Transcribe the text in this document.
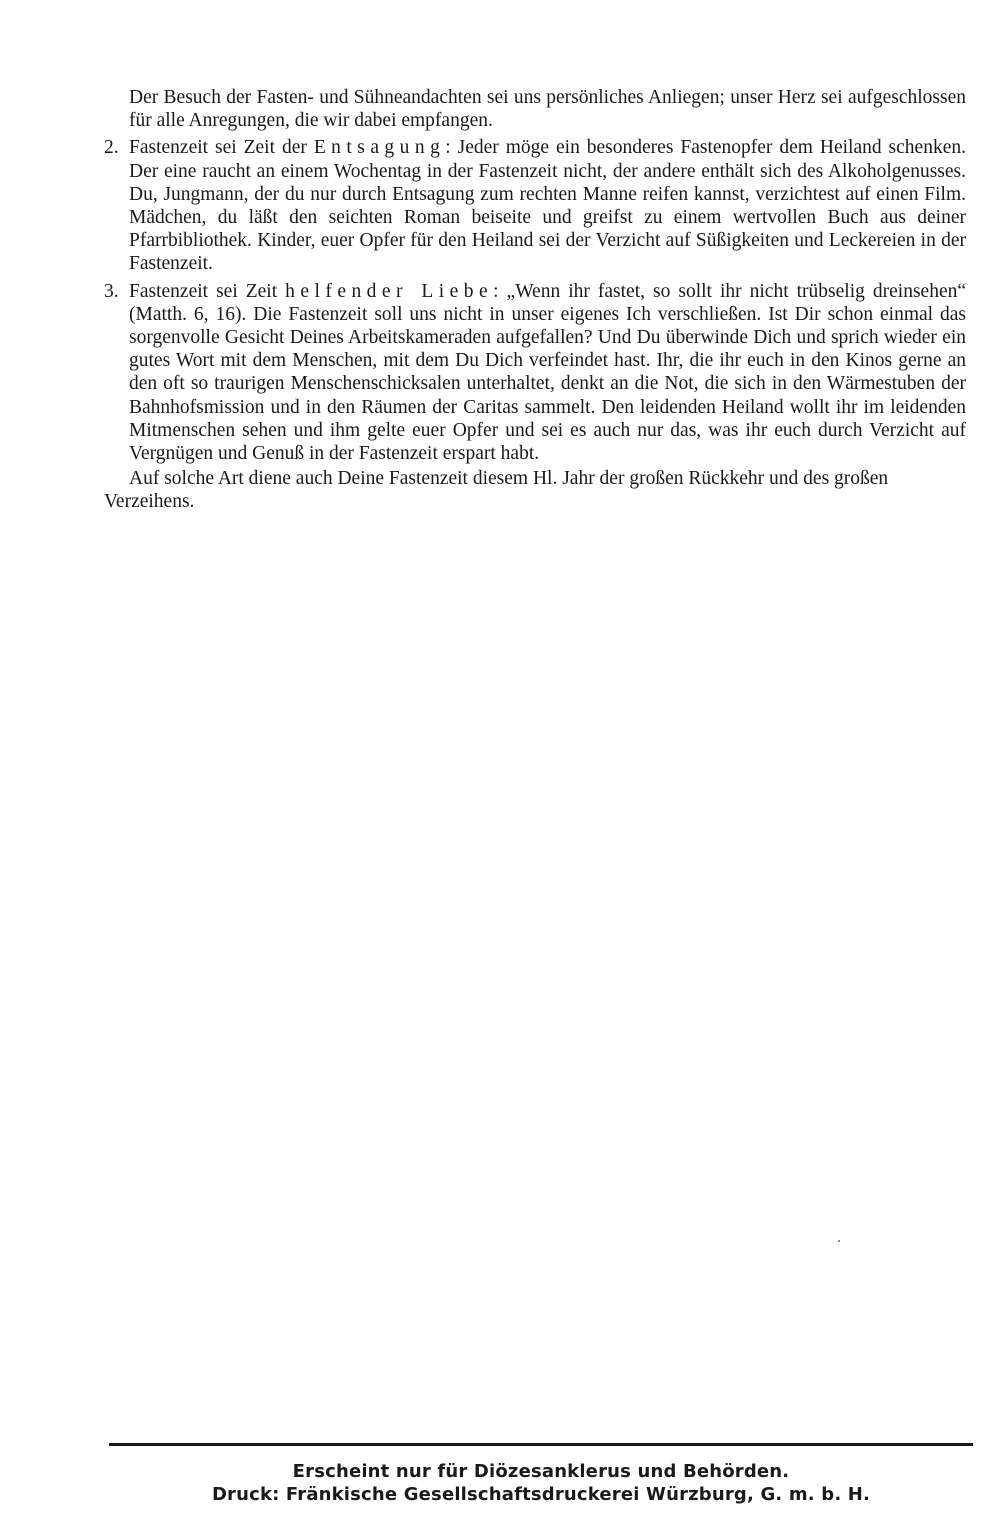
Der Besuch der Fasten- und Sühneandachten sei uns persönliches Anliegen; unser Herz sei aufgeschlossen für alle Anregungen, die wir dabei empfangen.

2. Fastenzeit sei Zeit der Entsagung: Jeder möge ein besonderes Fastenopfer dem Heiland schenken. Der eine raucht an einem Wochentag in der Fastenzeit nicht, der andere enthält sich des Alkoholgenusses. Du, Jungmann, der du nur durch Entsagung zum rechten Manne reifen kannst, verzichtest auf einen Film. Mädchen, du läßt den seichten Roman beiseite und greifst zu einem wertvollen Buch aus deiner Pfarrbibliothek. Kinder, euer Opfer für den Heiland sei der Verzicht auf Süßigkeiten und Leckereien in der Fastenzeit.

3. Fastenzeit sei Zeit helfender Liebe: „Wenn ihr fastet, so sollt ihr nicht trübselig dreinsehen“ (Matth. 6, 16). Die Fastenzeit soll uns nicht in unser eigenes Ich verschließen. Ist Dir schon einmal das sorgenvolle Gesicht Deines Arbeitskameraden aufgefallen? Und Du überwinde Dich und sprich wieder ein gutes Wort mit dem Menschen, mit dem Du Dich verfeindet hast. Ihr, die ihr euch in den Kinos gerne an den oft so traurigen Menschenschicksalen unterhaltet, denkt an die Not, die sich in den Wärmestuben der Bahnhofsmission und in den Räumen der Caritas sammelt. Den leidenden Heiland wollt ihr im leidenden Mitmenschen sehen und ihm gelte euer Opfer und sei es auch nur das, was ihr euch durch Verzicht auf Vergnügen und Genuß in der Fastenzeit erspart habt.

Auf solche Art diene auch Deine Fastenzeit diesem Hl. Jahr der großen Rückkehr und des großen Verzeihens.

Erscheint nur für Diözesanklerus und Behörden.

Druck: Fränkische Gesellschaftsdruckerei Würzburg, G. m. b. H.
